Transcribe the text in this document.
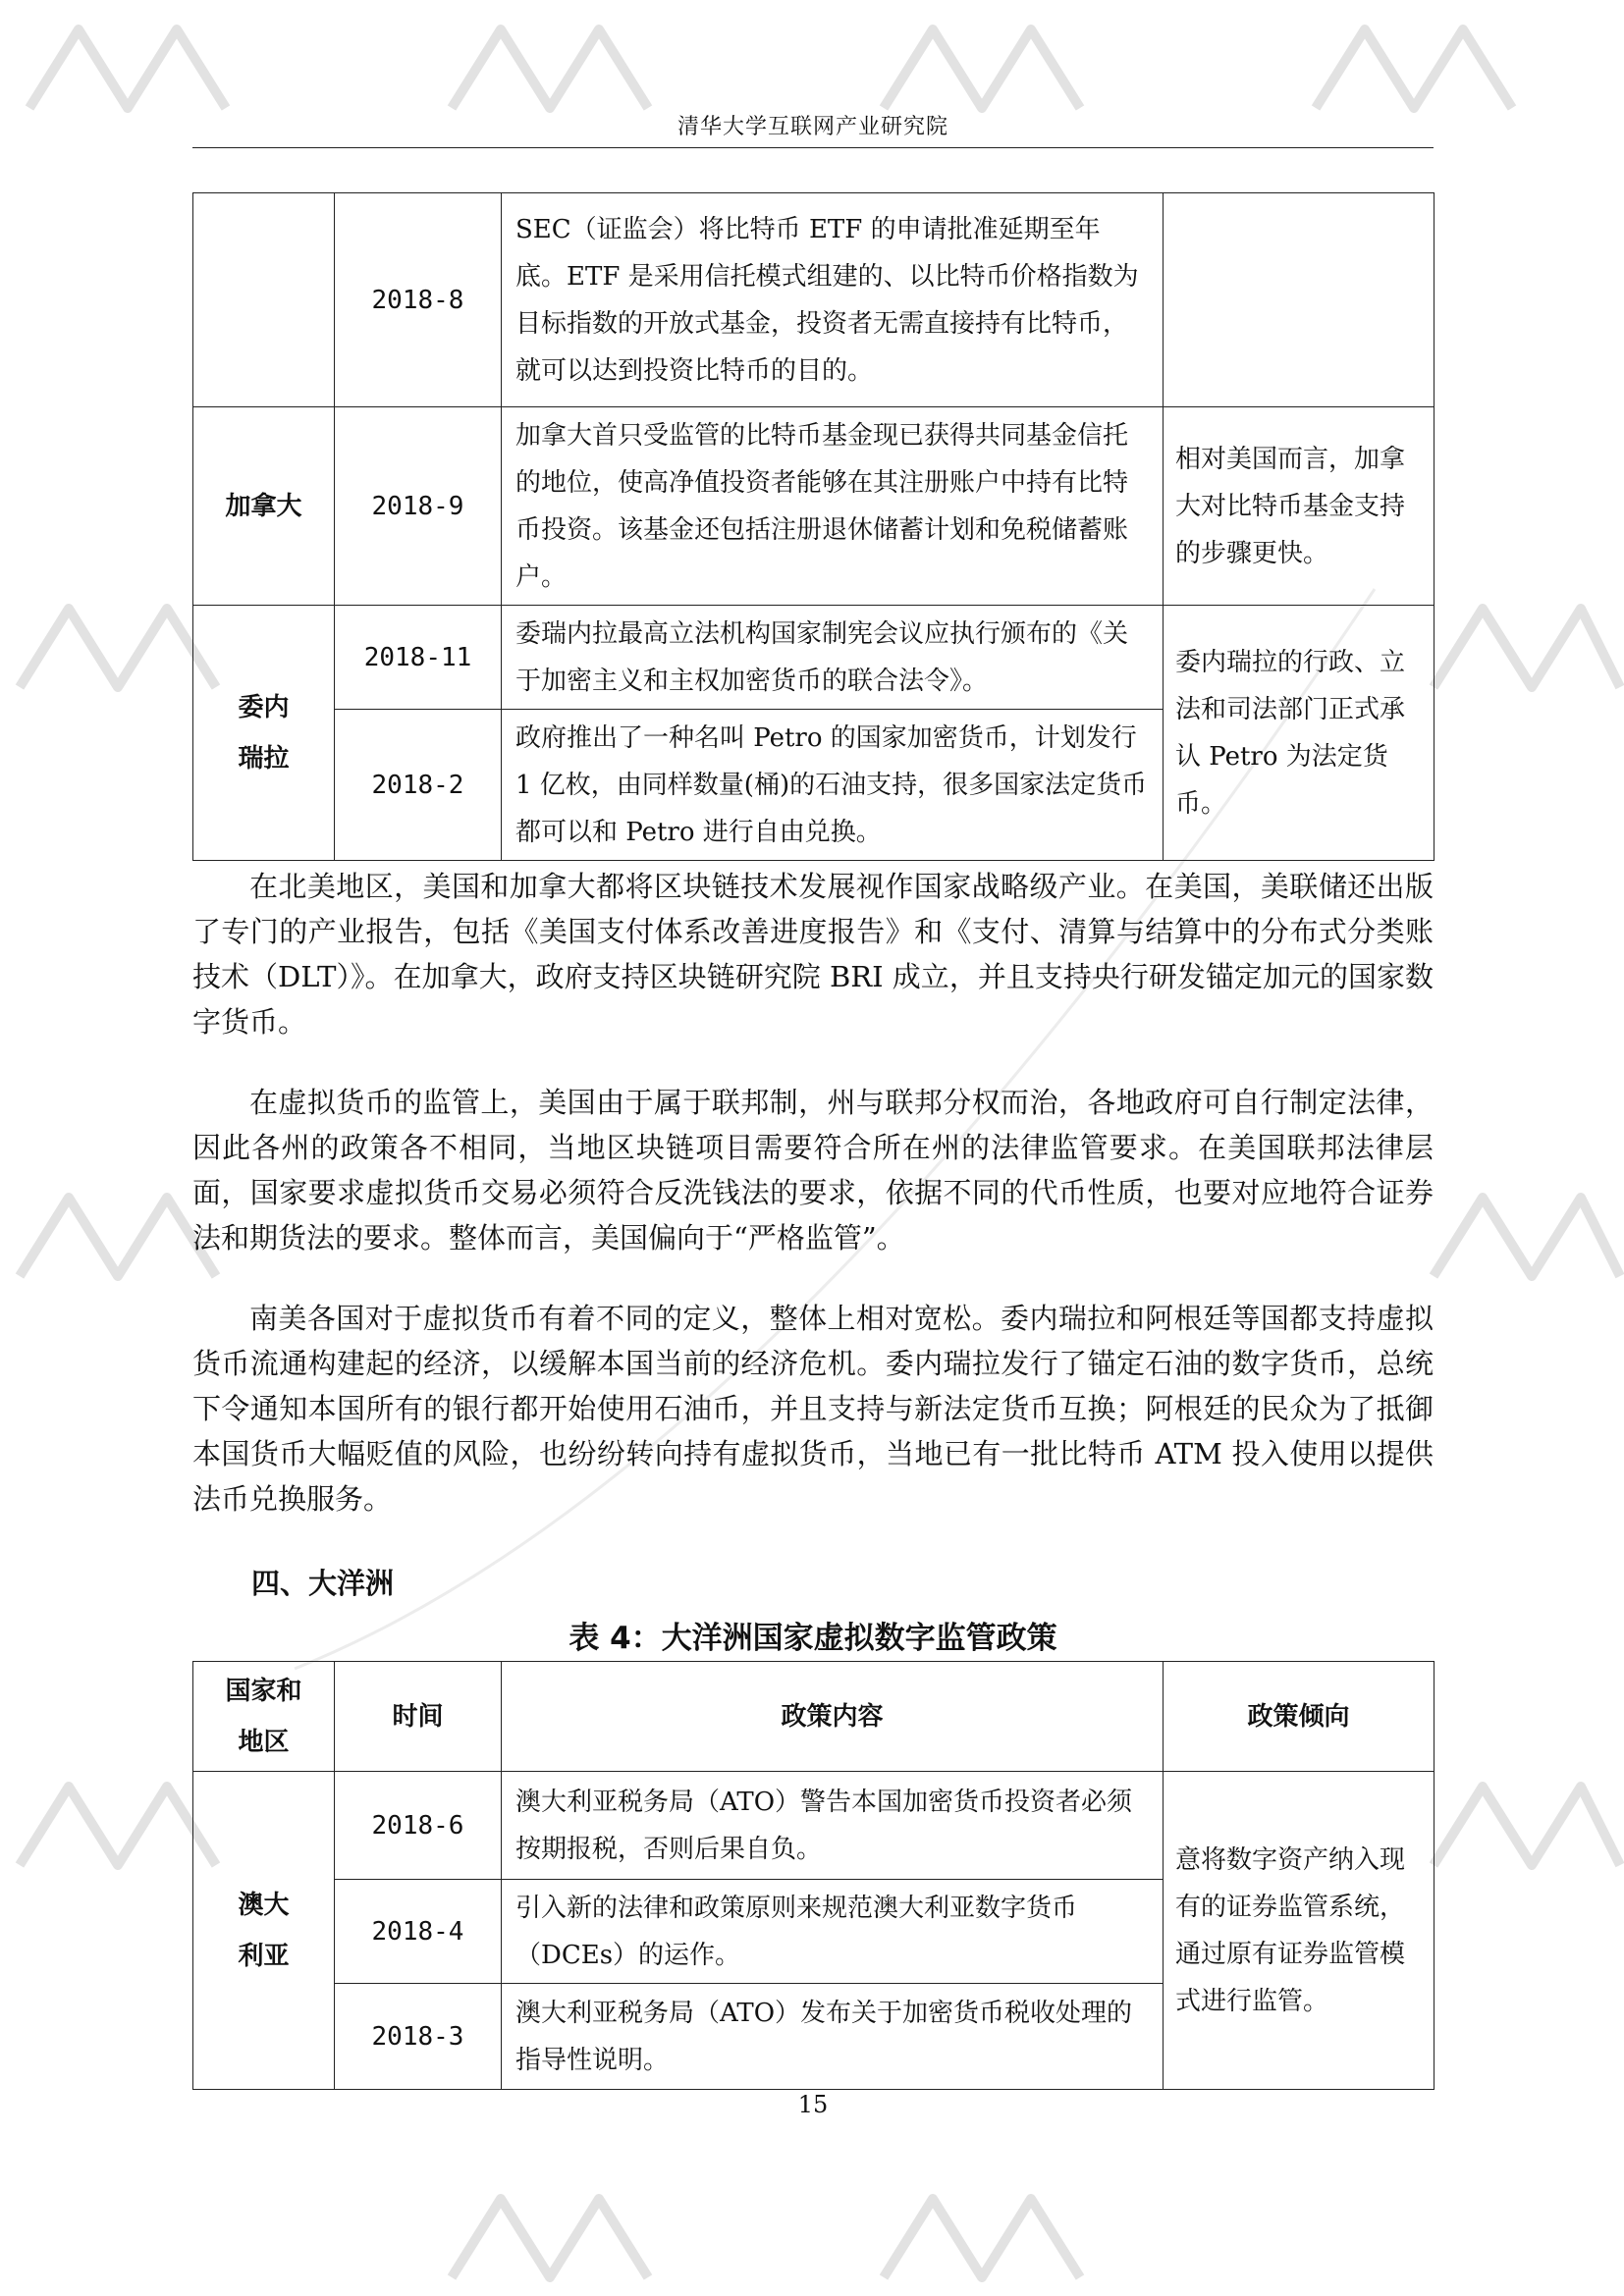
清华大学互联网产业研究院
	2018-8	SEC（证监会）将比特币 ETF 的申请批准延期至年底。ETF 是采用信托模式组建的、以比特币价格指数为目标指数的开放式基金，投资者无需直接持有比特币，就可以达到投资比特币的目的。	
加拿大	2018-9	加拿大首只受监管的比特币基金现已获得共同基金信托的地位，使高净值投资者能够在其注册账户中持有比特币投资。该基金还包括注册退休储蓄计划和免税储蓄账户。	相对美国而言，加拿大对比特币基金支持的步骤更快。
委内瑞拉	2018-11	委瑞内拉最高立法机构国家制宪会议应执行颁布的《关于加密主义和主权加密货币的联合法令》。	委内瑞拉的行政、立法和司法部门正式承认 Petro 为法定货币。
	2018-2	政府推出了一种名叫 Petro 的国家加密货币，计划发行 1 亿枚，由同样数量(桶)的石油支持，很多国家法定货币都可以和 Petro 进行自由兑换。	

在北美地区，美国和加拿大都将区块链技术发展视作国家战略级产业。在美国，美联储还出版了专门的产业报告，包括《美国支付体系改善进度报告》和《支付、清算与结算中的分布式分类账技术（DLT）》。在加拿大，政府支持区块链研究院 BRI 成立，并且支持央行研发锚定加元的国家数字货币。

在虚拟货币的监管上，美国由于属于联邦制，州与联邦分权而治，各地政府可自行制定法律，因此各州的政策各不相同，当地区块链项目需要符合所在州的法律监管要求。在美国联邦法律层面，国家要求虚拟货币交易必须符合反洗钱法的要求，依据不同的代币性质，也要对应地符合证券法和期货法的要求。整体而言，美国偏向于“严格监管”。

南美各国对于虚拟货币有着不同的定义，整体上相对宽松。委内瑞拉和阿根廷等国都支持虚拟货币流通构建起的经济，以缓解本国当前的经济危机。委内瑞拉发行了锚定石油的数字货币，总统下令通知本国所有的银行都开始使用石油币，并且支持与新法定货币互换；阿根廷的民众为了抵御本国货币大幅贬值的风险，也纷纷转向持有虚拟货币，当地已有一批比特币 ATM 投入使用以提供法币兑换服务。

四、大洋洲
表 4：大洋洲国家虚拟数字监管政策
国家和地区	时间	政策内容	政策倾向
澳大利亚	2018-6	澳大利亚税务局（ATO）警告本国加密货币投资者必须按期报税，否则后果自负。	意将数字资产纳入现有的证券监管系统，通过原有证券监管模式进行监管。
	2018-4	引入新的法律和政策原则来规范澳大利亚数字货币（DCEs）的运作。	
	2018-3	澳大利亚税务局（ATO）发布关于加密货币税收处理的指导性说明。	
15
